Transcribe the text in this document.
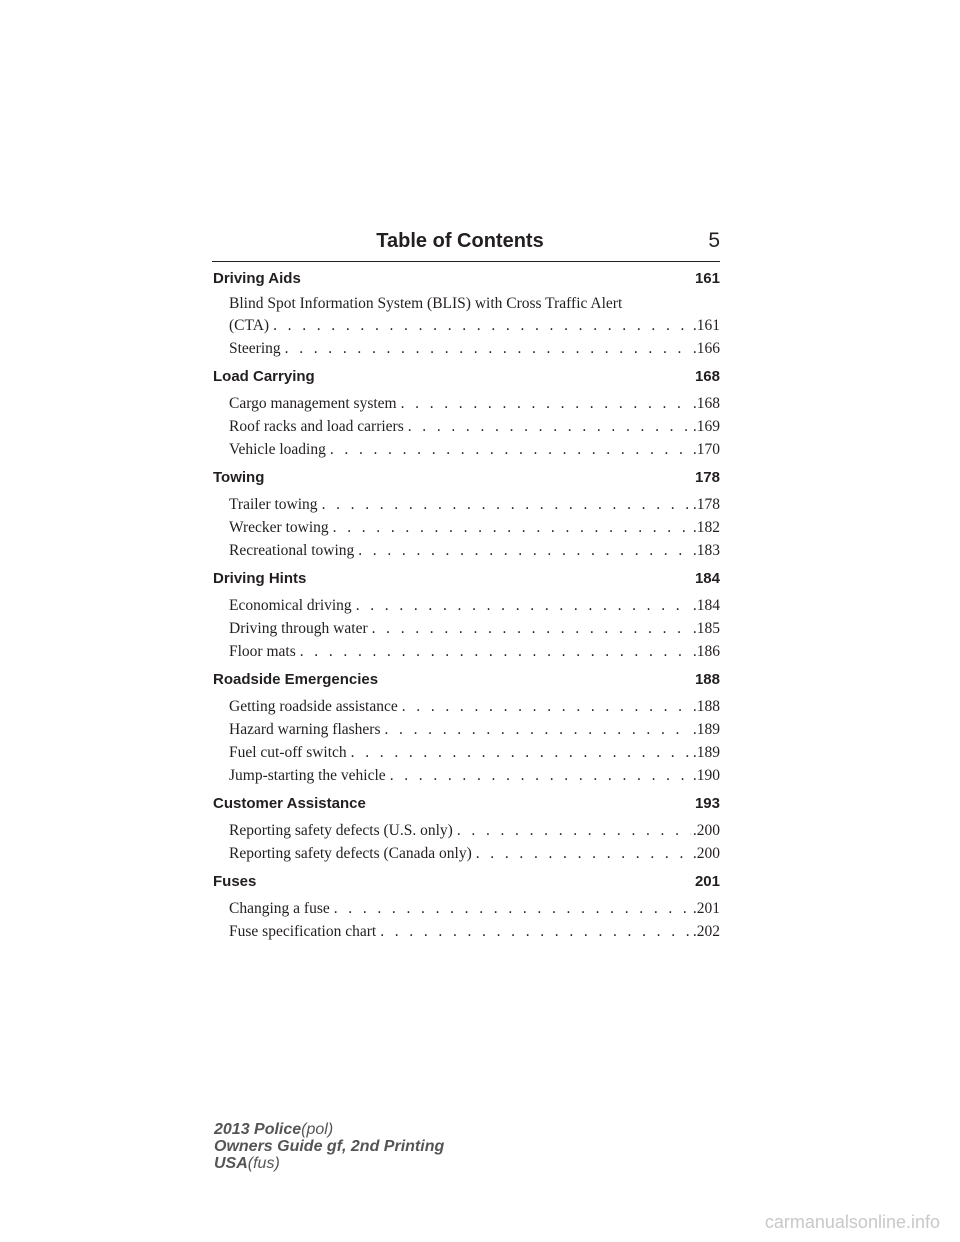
Table of Contents	5
Driving Aids	161
Blind Spot Information System (BLIS) with Cross Traffic Alert
(CTA) . . .	.161
Steering . . .	.166
Load Carrying	168
Cargo management system . . .	.168
Roof racks and load carriers . . .	.169
Vehicle loading . . .	.170
Towing	178
Trailer towing . . .	.178
Wrecker towing . . .	.182
Recreational towing . . .	.183
Driving Hints	184
Economical driving . . .	.184
Driving through water . . .	.185
Floor mats . . .	.186
Roadside Emergencies	188
Getting roadside assistance . . .	.188
Hazard warning flashers . . .	.189
Fuel cut-off switch . . .	.189
Jump-starting the vehicle . . .	.190
Customer Assistance	193
Reporting safety defects (U.S. only) . . .	.200
Reporting safety defects (Canada only) . . .	.200
Fuses	201
Changing a fuse . . .	.201
Fuse specification chart . . .	.202
2013 Police(pol)
Owners Guide gf, 2nd Printing
USA(fus)
carmanualsonline.info
